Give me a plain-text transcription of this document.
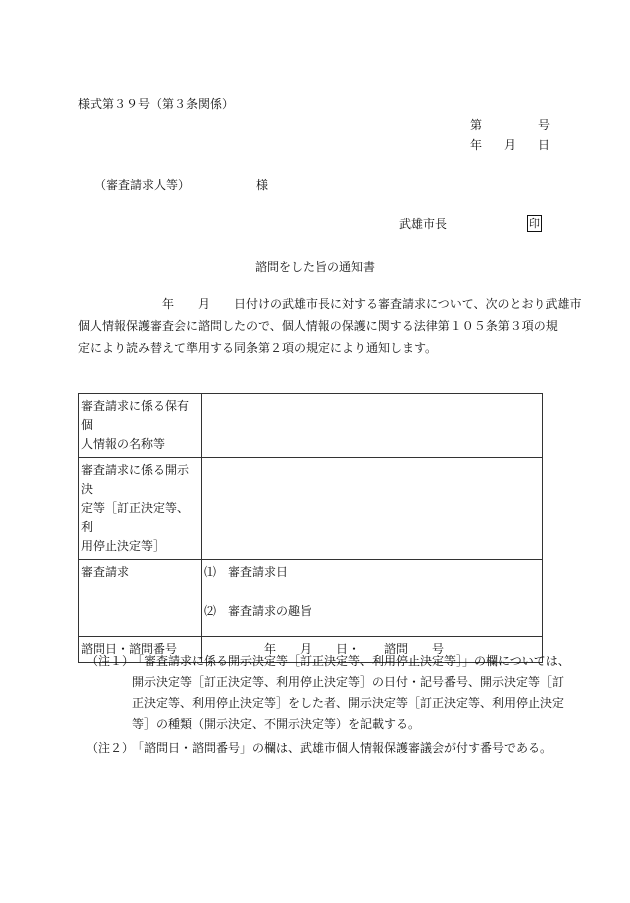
様式第３９号（第３条関係）
第	号
年 月 日
（審査請求人等）	様
武雄市長	印
諮問をした旨の通知書
　　　　　　　年　　月　　日付けの武雄市長に対する審査請求について、次のとおり武雄市
個人情報保護審査会に諮問したので、個人情報の保護に関する法律第１０５条第３項の規
定により読み替えて準用する同条第２項の規定により通知します。
審査請求に係る保有個
人情報の名称等	

審査請求に係る開示決
定等［訂正決定等、利
用停止決定等］	

審査請求	⑴ 審査請求日
⑵ 審査請求の趣旨

諮問日・諮問番号	　　　　　年　　月　　日・　　諮問　　号
（注１）
「審査請求に係る開示決定等［訂正決定等、利用停止決定等］」の欄については、
開示決定等［訂正決定等、利用停止決定等］の日付・記号番号、開示決定等［訂
正決定等、利用停止決定等］をした者、開示決定等［訂正決定等、利用停止決定
等］の種類（開示決定、不開示決定等）を記載する。
（注２）
「諮問日・諮問番号」の欄は、武雄市個人情報保護審議会が付す番号である。
